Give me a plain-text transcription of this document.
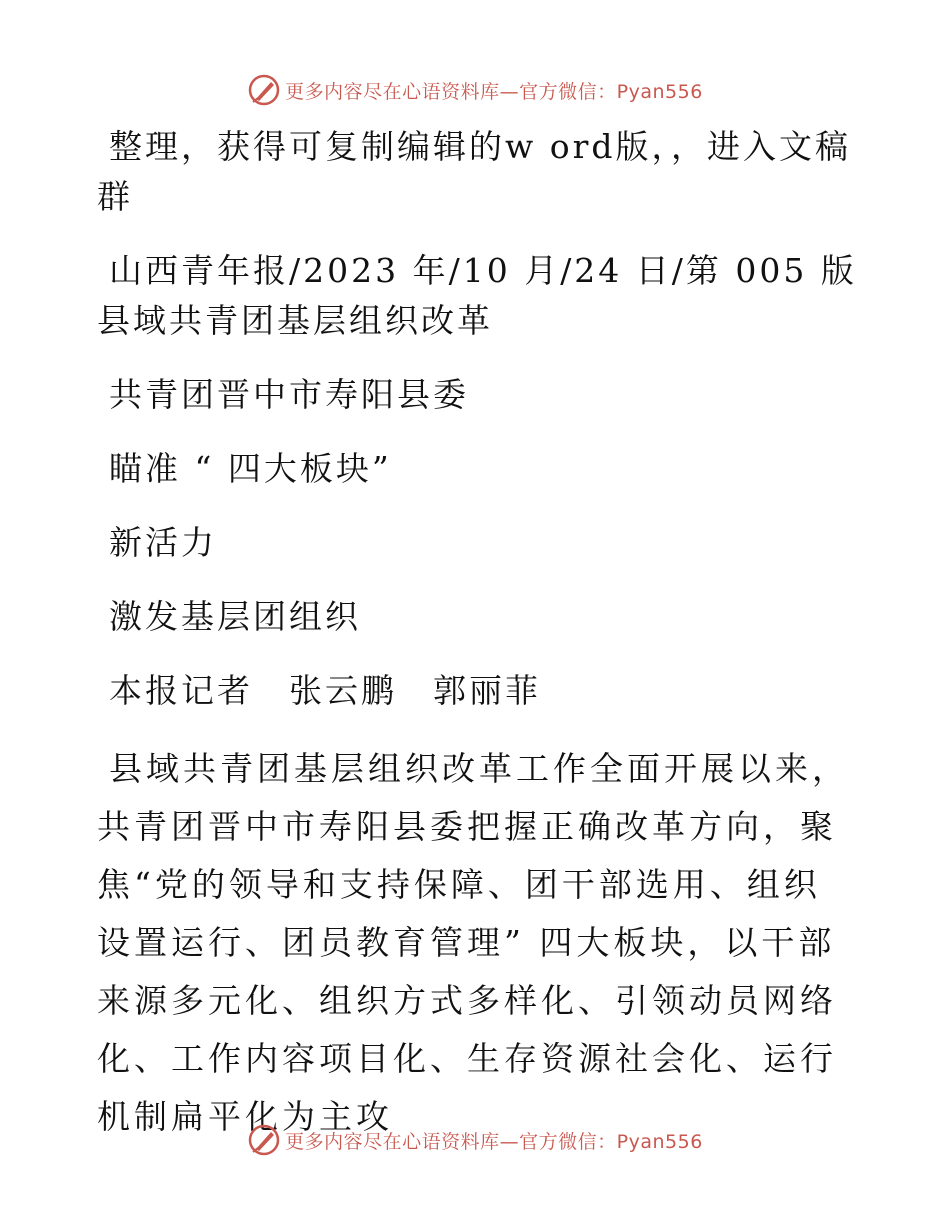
更多内容尽在心语资料库—官方微信：Pyan556

整理，获得可复制编辑的w ord版，，进入文稿群

山西青年报/2023 年/10 月/24 日/第 005 版县域共青团基层组织改革

共青团晋中市寿阳县委

瞄准 “ 四大板块”

新活力

激发基层团组织

本报记者　张云鹏　郭丽菲

县域共青团基层组织改革工作全面开展以来，共青团晋中市寿阳县委把握正确改革方向，聚焦“党的领导和支持保障、团干部选用、组织设置运行、团员教育管理” 四大板块，以干部来源多元化、组织方式多样化、引领动员网络化、工作内容项目化、生存资源社会化、运行机制扁平化为主攻

更多内容尽在心语资料库—官方微信：Pyan556
